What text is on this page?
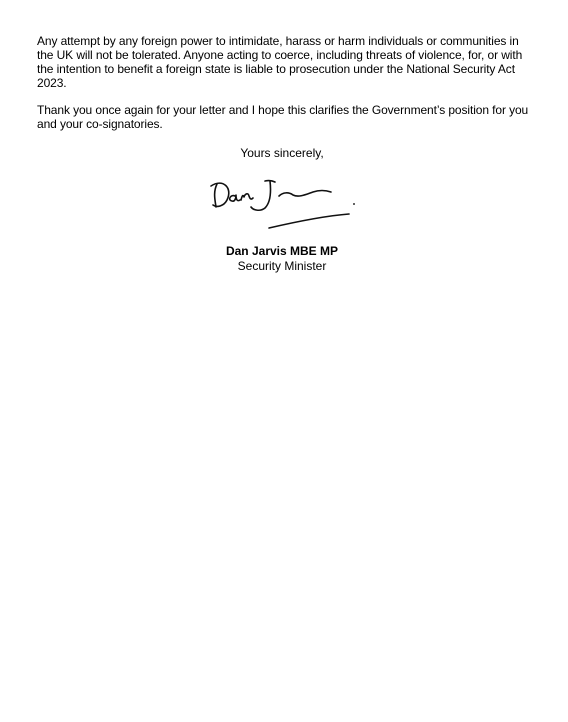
Any attempt by any foreign power to intimidate, harass or harm individuals or communities in the UK will not be tolerated. Anyone acting to coerce, including threats of violence, for, or with the intention to benefit a foreign state is liable to prosecution under the National Security Act 2023.

Thank you once again for your letter and I hope this clarifies the Government’s position for you and your co-signatories.

Yours sincerely,

Dan Jarvis MBE MP

Security Minister
